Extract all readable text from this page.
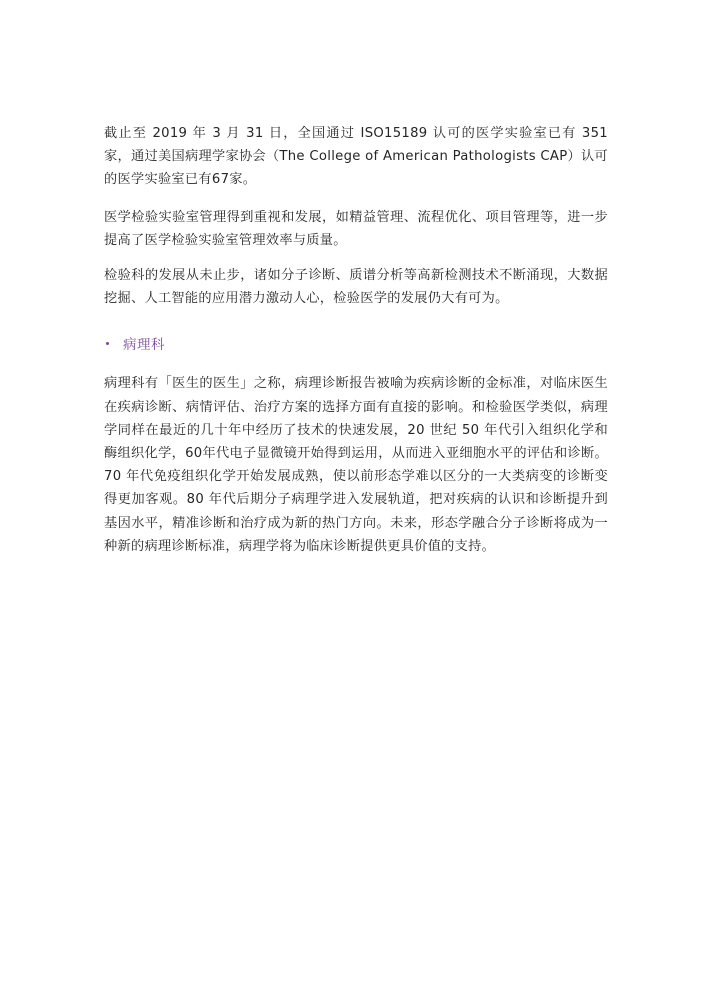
截止至 2019 年 3 月 31 日，全国通过 ISO15189 认可的医学实验室已有 351 家，通过美国病理学家协会（The College of American Pathologists CAP）认可的医学实验室已有67家。

医学检验实验室管理得到重视和发展，如精益管理、流程优化、项目管理等，进一步提高了医学检验实验室管理效率与质量。

检验科的发展从未止步，诸如分子诊断、质谱分析等高新检测技术不断涌现，大数据挖掘、人工智能的应用潜力激动人心，检验医学的发展仍大有可为。

病理科

病理科有「医生的医生」之称，病理诊断报告被喻为疾病诊断的金标准，对临床医生在疾病诊断、病情评估、治疗方案的选择方面有直接的影响。和检验医学类似，病理学同样在最近的几十年中经历了技术的快速发展，20 世纪 50 年代引入组织化学和酶组织化学，60年代电子显微镜开始得到运用，从而进入亚细胞水平的评估和诊断。70 年代免疫组织化学开始发展成熟，使以前形态学难以区分的一大类病变的诊断变得更加客观。80 年代后期分子病理学进入发展轨道，把对疾病的认识和诊断提升到基因水平，精准诊断和治疗成为新的热门方向。未来，形态学融合分子诊断将成为一种新的病理诊断标准，病理学将为临床诊断提供更具价值的支持。
